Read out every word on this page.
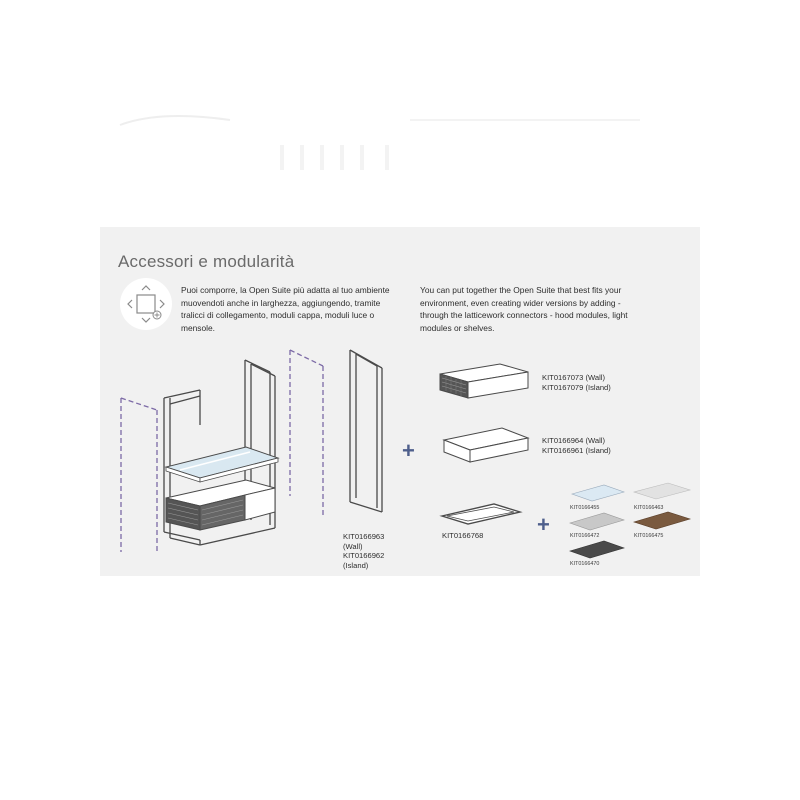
Accessori e modularità

Puoi comporre, la Open Suite più adatta al tuo ambiente muovendoti anche in larghezza, aggiungendo, tramite tralicci di collegamento, moduli cappa, moduli luce o mensole.

You can put together the Open Suite that best fits your environment, even creating wider versions by adding - through the latticework connectors - hood modules, light modules or shelves.

+
+
KIT0166963
(Wall)
KIT0166962
(Island)
KIT0167073 (Wall)
KIT0167079 (Island)
KIT0166964 (Wall)
KIT0166961 (Island)
KIT0166768
KIT0166455	KIT0166463
KIT0166472	KIT0166475
KIT0166470
